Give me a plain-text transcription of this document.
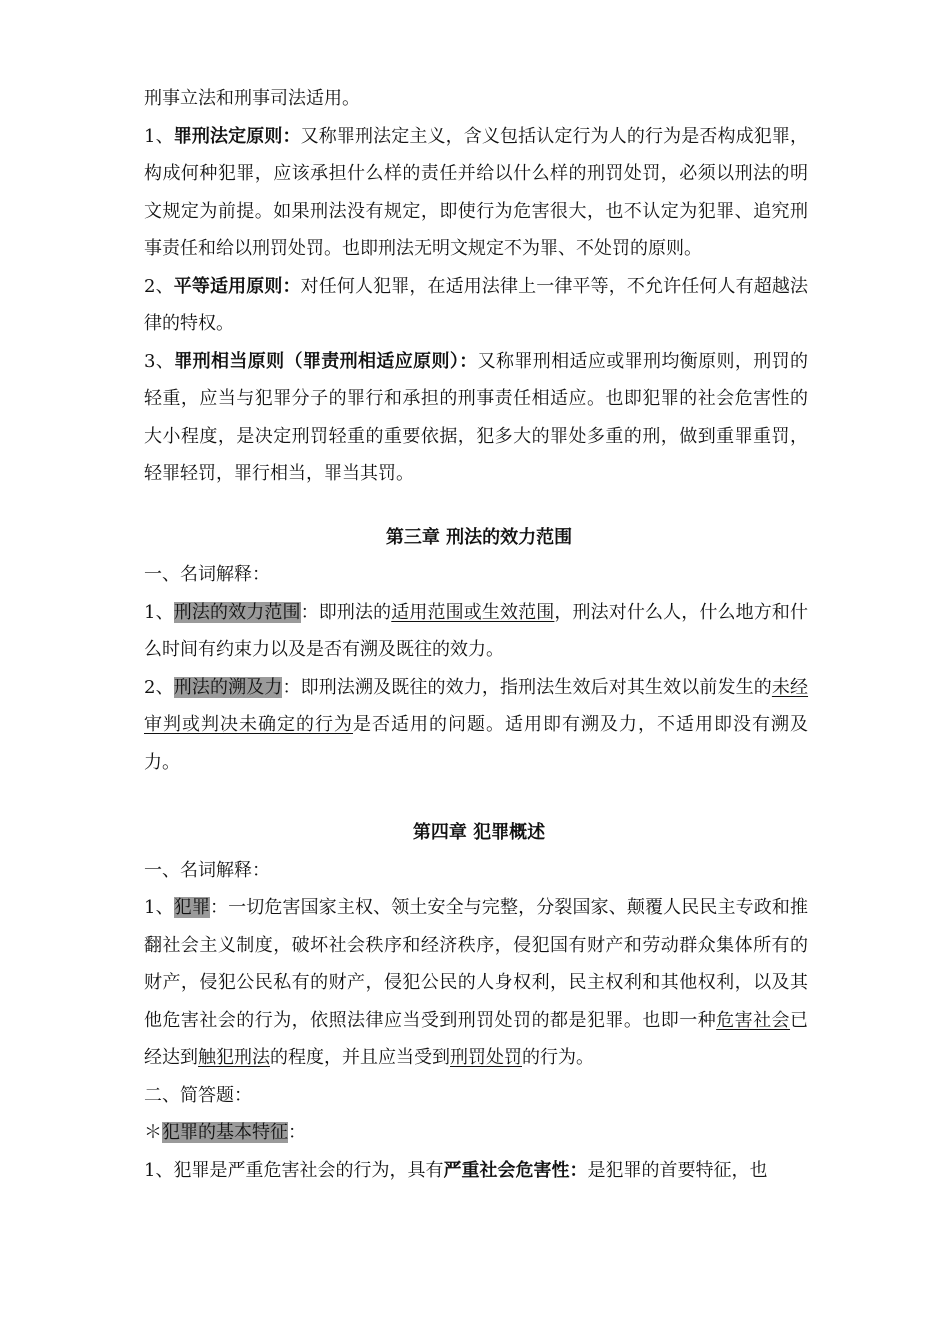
刑事立法和刑事司法适用。

1、罪刑法定原则：又称罪刑法定主义，含义包括认定行为人的行为是否构成犯罪，构成何种犯罪，应该承担什么样的责任并给以什么样的刑罚处罚，必须以刑法的明文规定为前提。如果刑法没有规定，即使行为危害很大，也不认定为犯罪、追究刑事责任和给以刑罚处罚。也即刑法无明文规定不为罪、不处罚的原则。

2、平等适用原则：对任何人犯罪，在适用法律上一律平等，不允许任何人有超越法律的特权。

3、罪刑相当原则（罪责刑相适应原则）：又称罪刑相适应或罪刑均衡原则，刑罚的轻重，应当与犯罪分子的罪行和承担的刑事责任相适应。也即犯罪的社会危害性的大小程度，是决定刑罚轻重的重要依据，犯多大的罪处多重的刑，做到重罪重罚，轻罪轻罚，罪行相当，罪当其罚。

第三章 刑法的效力范围

一、名词解释：

1、刑法的效力范围：即刑法的适用范围或生效范围，刑法对什么人，什么地方和什么时间有约束力以及是否有溯及既往的效力。

2、刑法的溯及力：即刑法溯及既往的效力，指刑法生效后对其生效以前发生的未经审判或判决未确定的行为是否适用的问题。适用即有溯及力，不适用即没有溯及力。

第四章 犯罪概述

一、名词解释：

1、犯罪：一切危害国家主权、领土安全与完整，分裂国家、颠覆人民民主专政和推翻社会主义制度，破坏社会秩序和经济秩序，侵犯国有财产和劳动群众集体所有的财产，侵犯公民私有的财产，侵犯公民的人身权利，民主权利和其他权利，以及其他危害社会的行为，依照法律应当受到刑罚处罚的都是犯罪。也即一种危害社会已经达到触犯刑法的程度，并且应当受到刑罚处罚的行为。

二、简答题：

＊犯罪的基本特征：

1、犯罪是严重危害社会的行为，具有严重社会危害性：是犯罪的首要特征，也
